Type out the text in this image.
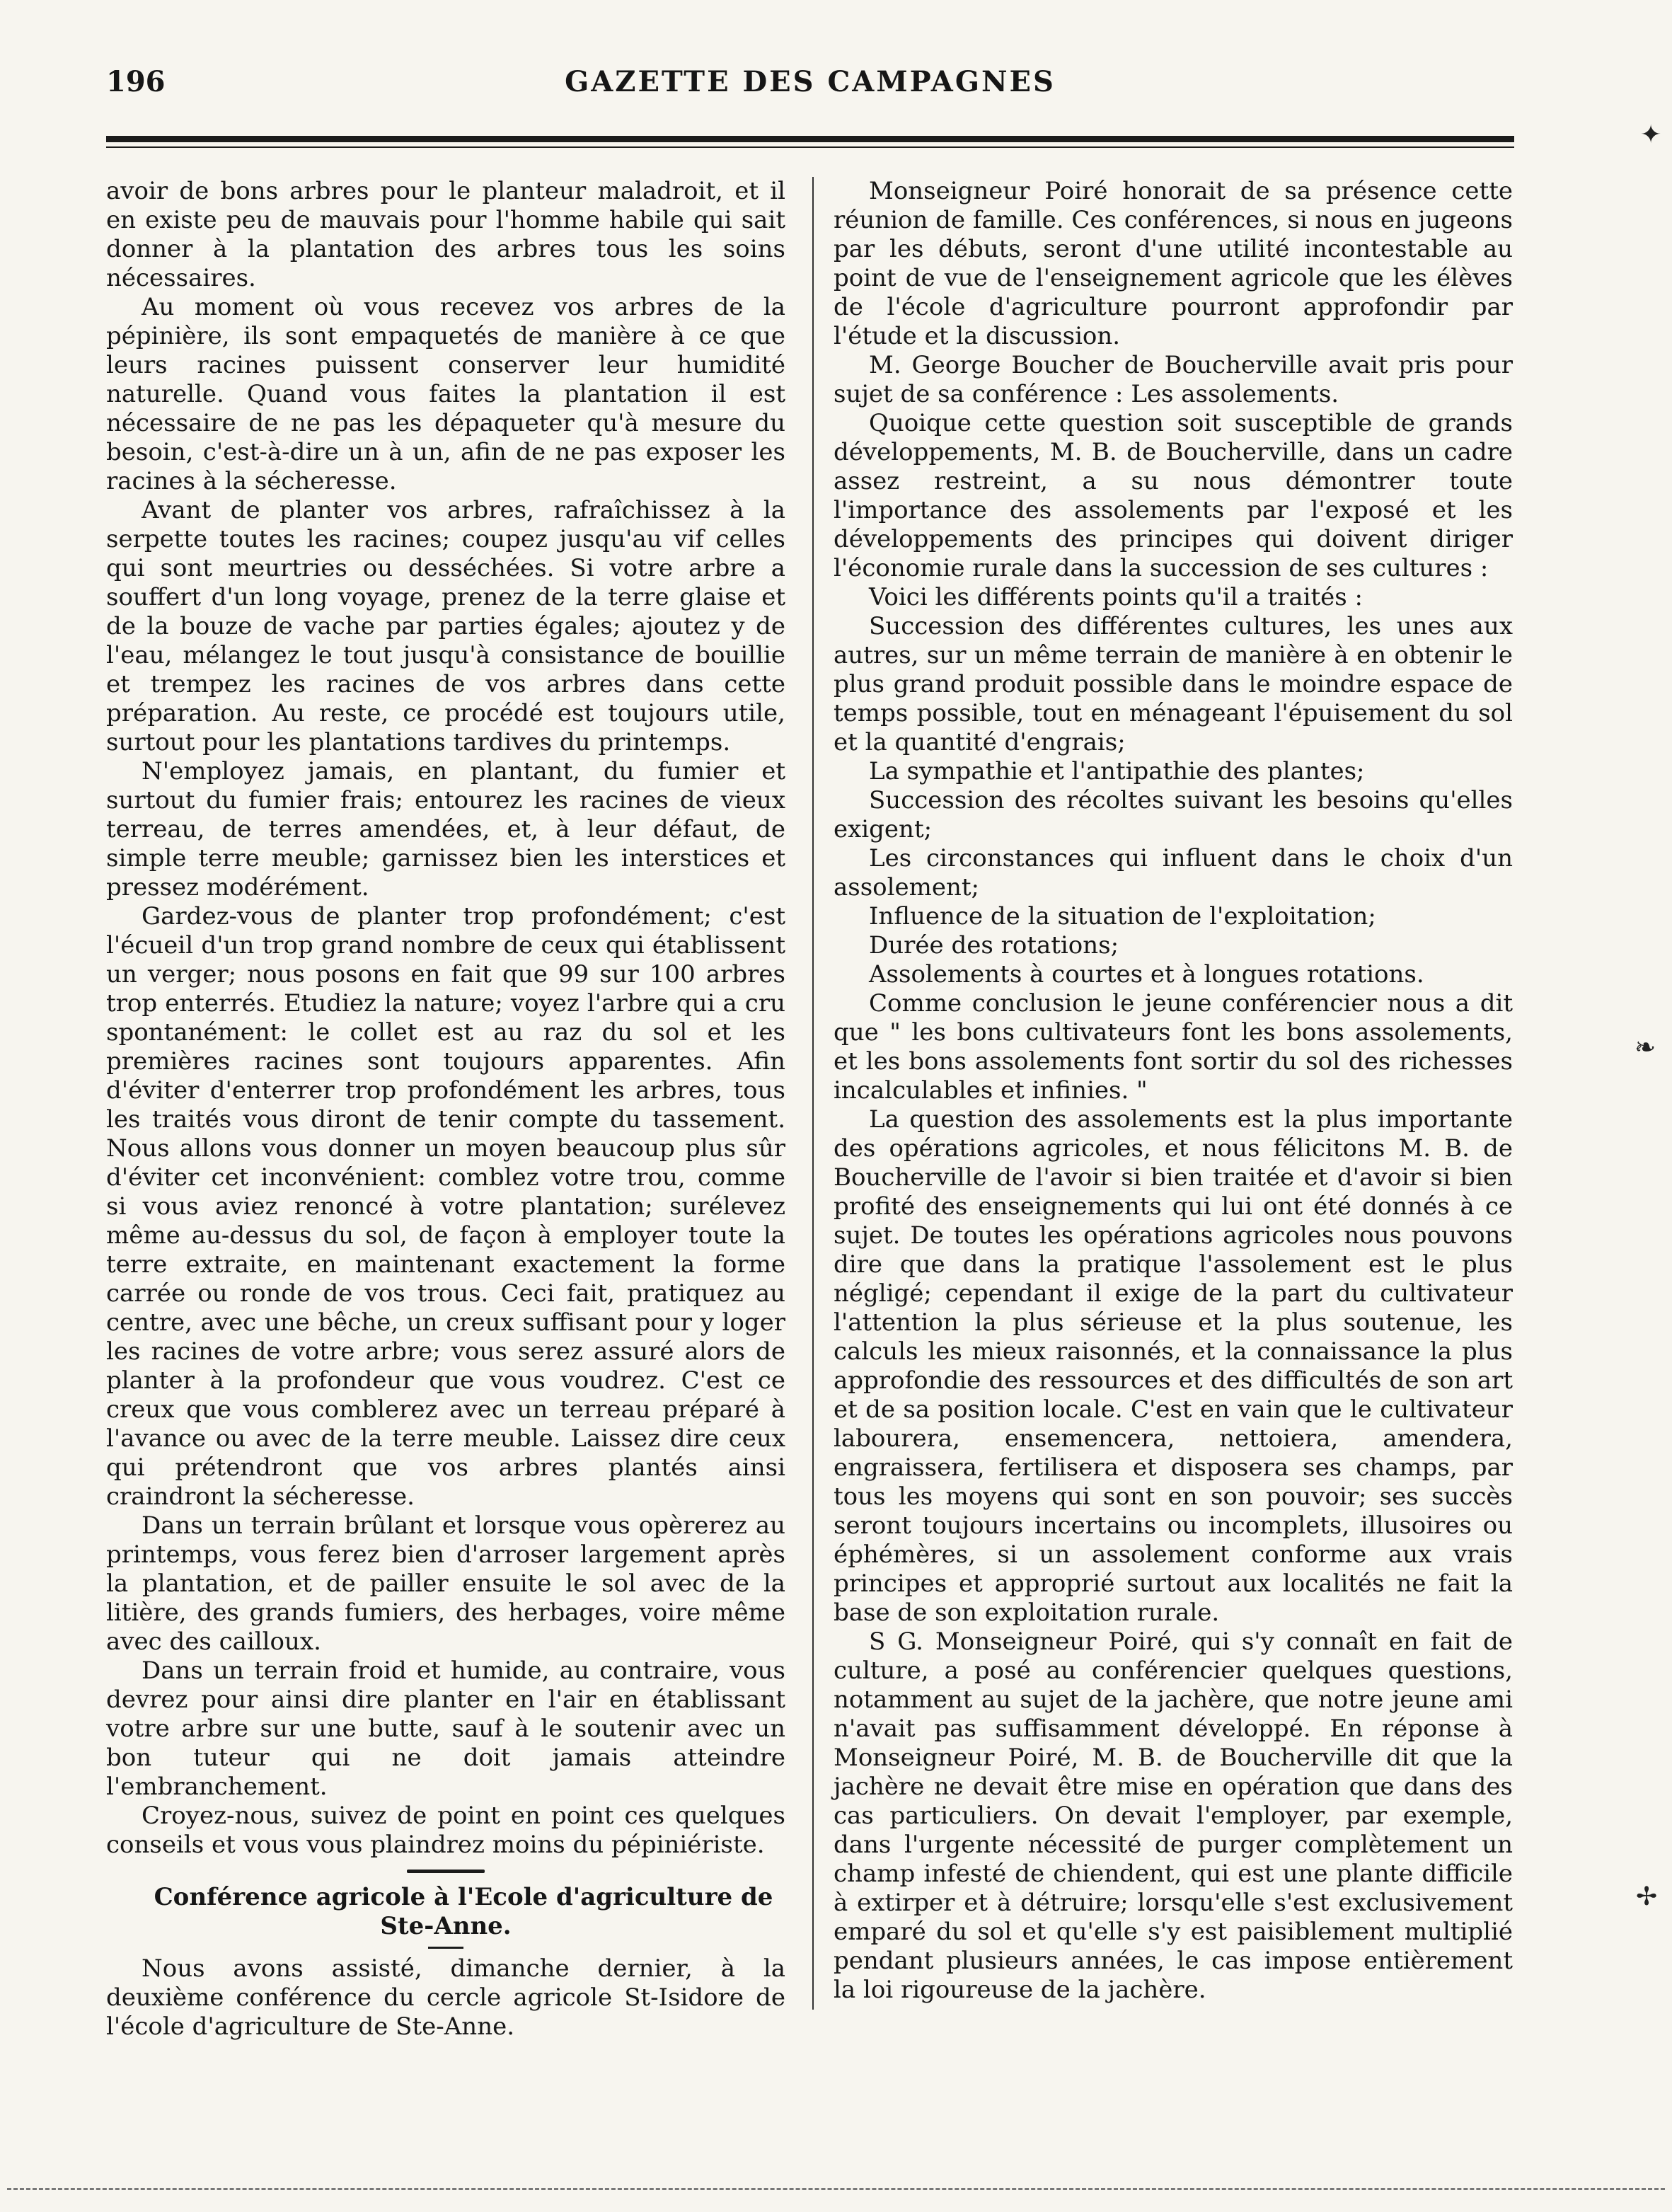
196	GAZETTE DES CAMPAGNES

avoir de bons arbres pour le planteur maladroit, et il en existe peu de mauvais pour l'homme habile qui sait donner à la plantation des arbres tous les soins nécessaires.

Au moment où vous recevez vos arbres de la pépinière, ils sont empaquetés de manière à ce que leurs racines puissent conserver leur humidité naturelle. Quand vous faites la plantation il est nécessaire de ne pas les dépaqueter qu'à mesure du besoin, c'est-à-dire un à un, afin de ne pas exposer les racines à la sécheresse.

Avant de planter vos arbres, rafraîchissez à la serpette toutes les racines; coupez jusqu'au vif celles qui sont meurtries ou desséchées. Si votre arbre a souffert d'un long voyage, prenez de la terre glaise et de la bouze de vache par parties égales; ajoutez y de l'eau, mélangez le tout jusqu'à consistance de bouillie et trempez les racines de vos arbres dans cette préparation. Au reste, ce procédé est toujours utile, surtout pour les plantations tardives du printemps.

N'employez jamais, en plantant, du fumier et surtout du fumier frais; entourez les racines de vieux terreau, de terres amendées, et, à leur défaut, de simple terre meuble; garnissez bien les interstices et pressez modérément.

Gardez-vous de planter trop profondément; c'est l'écueil d'un trop grand nombre de ceux qui établissent un verger; nous posons en fait que 99 sur 100 arbres trop enterrés. Etudiez la nature; voyez l'arbre qui a cru spontanément: le collet est au raz du sol et les premières racines sont toujours apparentes. Afin d'éviter d'enterrer trop profondément les arbres, tous les traités vous diront de tenir compte du tassement. Nous allons vous donner un moyen beaucoup plus sûr d'éviter cet inconvénient: comblez votre trou, comme si vous aviez renoncé à votre plantation; surélevez même au-dessus du sol, de façon à employer toute la terre extraite, en maintenant exactement la forme carrée ou ronde de vos trous. Ceci fait, pratiquez au centre, avec une bêche, un creux suffisant pour y loger les racines de votre arbre; vous serez assuré alors de planter à la profondeur que vous voudrez. C'est ce creux que vous comblerez avec un terreau préparé à l'avance ou avec de la terre meuble. Laissez dire ceux qui prétendront que vos arbres plantés ainsi craindront la sécheresse.

Dans un terrain brûlant et lorsque vous opèrerez au printemps, vous ferez bien d'arroser largement après la plantation, et de pailler ensuite le sol avec de la litière, des grands fumiers, des herbages, voire même avec des cailloux.

Dans un terrain froid et humide, au contraire, vous devrez pour ainsi dire planter en l'air en établissant votre arbre sur une butte, sauf à le soutenir avec un bon tuteur qui ne doit jamais atteindre l'embranchement.

Croyez-nous, suivez de point en point ces quelques conseils et vous vous plaindrez moins du pépiniériste.

Conférence agricole à l'Ecole d'agriculture de Ste-Anne.

Nous avons assisté, dimanche dernier, à la deuxième conférence du cercle agricole St-Isidore de l'école d'agriculture de Ste-Anne.

Monseigneur Poiré honorait de sa présence cette réunion de famille. Ces conférences, si nous en jugeons par les débuts, seront d'une utilité incontestable au point de vue de l'enseignement agricole que les élèves de l'école d'agriculture pourront approfondir par l'étude et la discussion.

M. George Boucher de Boucherville avait pris pour sujet de sa conférence : Les assolements.

Quoique cette question soit susceptible de grands développements, M. B. de Boucherville, dans un cadre assez restreint, a su nous démontrer toute l'importance des assolements par l'exposé et les développements des principes qui doivent diriger l'économie rurale dans la succession de ses cultures :

Voici les différents points qu'il a traités :

Succession des différentes cultures, les unes aux autres, sur un même terrain de manière à en obtenir le plus grand produit possible dans le moindre espace de temps possible, tout en ménageant l'épuisement du sol et la quantité d'engrais;

La sympathie et l'antipathie des plantes;

Succession des récoltes suivant les besoins qu'elles exigent;

Les circonstances qui influent dans le choix d'un assolement;

Influence de la situation de l'exploitation;

Durée des rotations;

Assolements à courtes et à longues rotations.

Comme conclusion le jeune conférencier nous a dit que " les bons cultivateurs font les bons assolements, et les bons assolements font sortir du sol des richesses incalculables et infinies. "

La question des assolements est la plus importante des opérations agricoles, et nous félicitons M. B. de Boucherville de l'avoir si bien traitée et d'avoir si bien profité des enseignements qui lui ont été donnés à ce sujet. De toutes les opérations agricoles nous pouvons dire que dans la pratique l'assolement est le plus négligé; cependant il exige de la part du cultivateur l'attention la plus sérieuse et la plus soutenue, les calculs les mieux raisonnés, et la connaissance la plus approfondie des ressources et des difficultés de son art et de sa position locale. C'est en vain que le cultivateur labourera, ensemencera, nettoiera, amendera, engraissera, fertilisera et disposera ses champs, par tous les moyens qui sont en son pouvoir; ses succès seront toujours incertains ou incomplets, illusoires ou éphémères, si un assolement conforme aux vrais principes et approprié surtout aux localités ne fait la base de son exploitation rurale.

S G. Monseigneur Poiré, qui s'y connaît en fait de culture, a posé au conférencier quelques questions, notamment au sujet de la jachère, que notre jeune ami n'avait pas suffisamment développé. En réponse à Monseigneur Poiré, M. B. de Boucherville dit que la jachère ne devait être mise en opération que dans des cas particuliers. On devait l'employer, par exemple, dans l'urgente nécessité de purger complètement un champ infesté de chiendent, qui est une plante difficile à extirper et à détruire; lorsqu'elle s'est exclusivement emparé du sol et qu'elle s'y est paisiblement multiplié pendant plusieurs années, le cas impose entièrement la loi rigoureuse de la jachère.

✦
❧
✢
